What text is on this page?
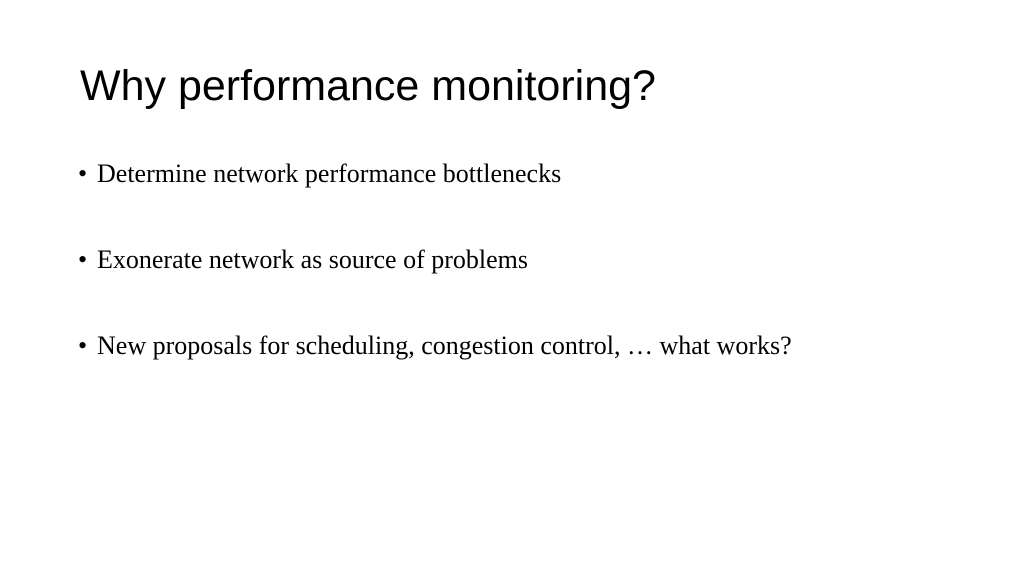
Why performance monitoring?
• Determine network performance bottlenecks
• Exonerate network as source of problems
• New proposals for scheduling, congestion control, … what works?
